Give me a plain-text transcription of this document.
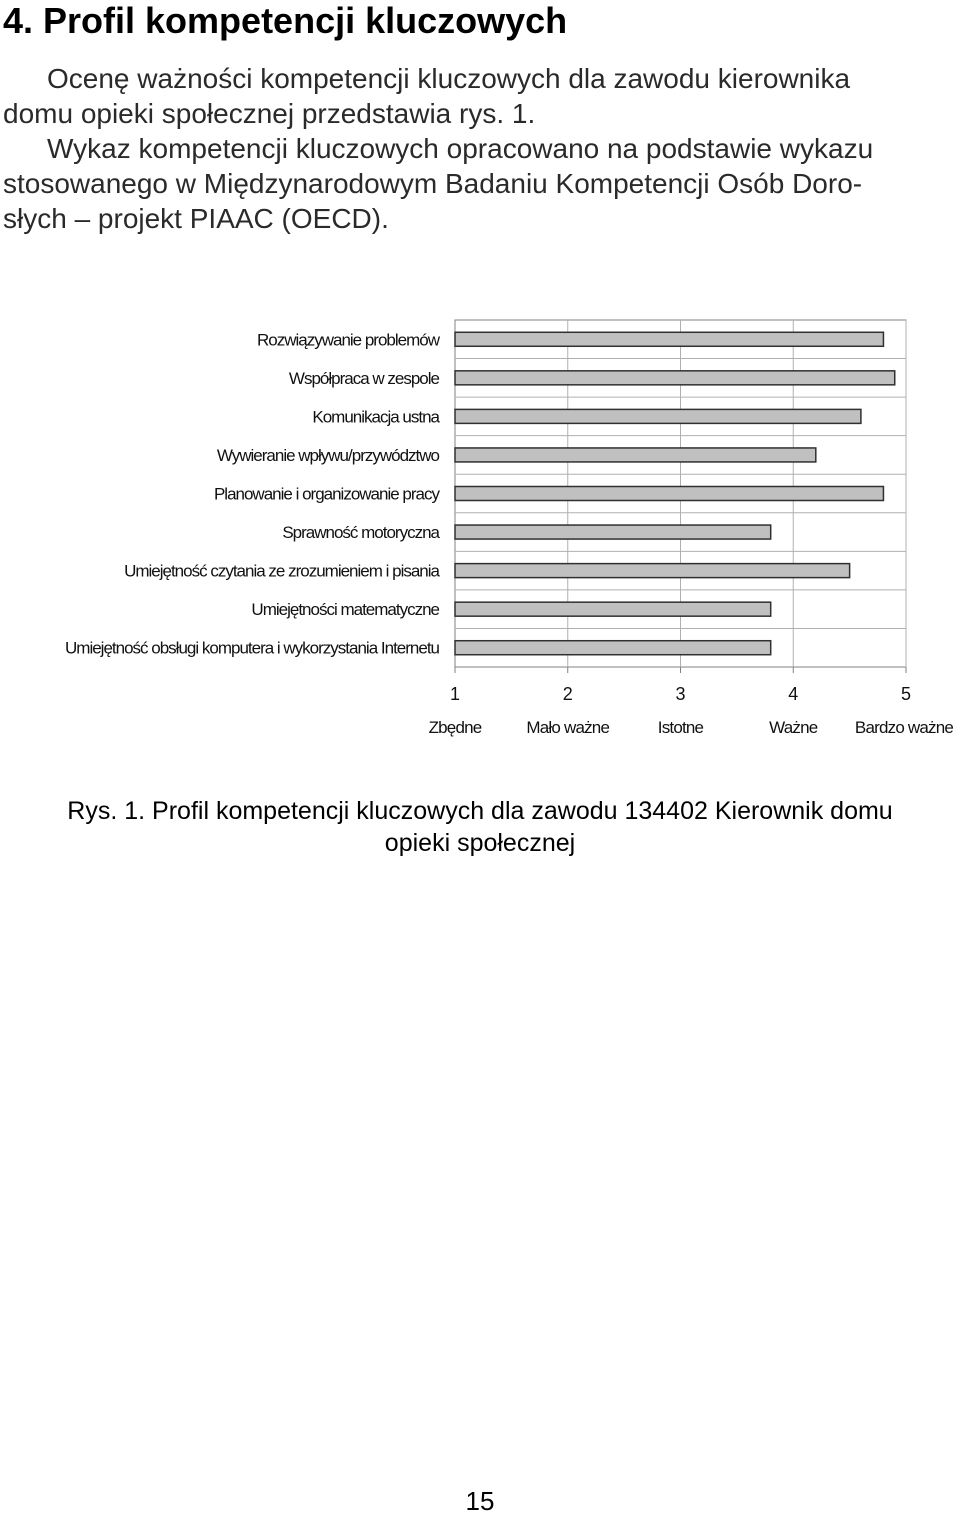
4. Profil kompetencji kluczowych
Ocenę ważności kompetencji kluczowych dla zawodu kierownika
domu opieki społecznej przedstawia rys. 1.
Wykaz kompetencji kluczowych opracowano na podstawie wykazu
stosowanego w Międzynarodowym Badaniu Kompetencji Osób Doro-
słych – projekt PIAAC (OECD).
Rozwiązywanie problemów
Współpraca w zespole
Komunikacja ustna
Wywieranie wpływu/przywództwo
Planowanie i organizowanie pracy
Sprawność motoryczna
Umiejętność czytania ze zrozumieniem i pisania
Umiejętności matematyczne
Umiejętność obsługi komputera i wykorzystania Internetu
1
Zbędne
2
Mało ważne
3
Istotne
4
Ważne
5
Bardzo ważne
Rys. 1. Profil kompetencji kluczowych dla zawodu 134402 Kierownik domu
opieki społecznej
15
